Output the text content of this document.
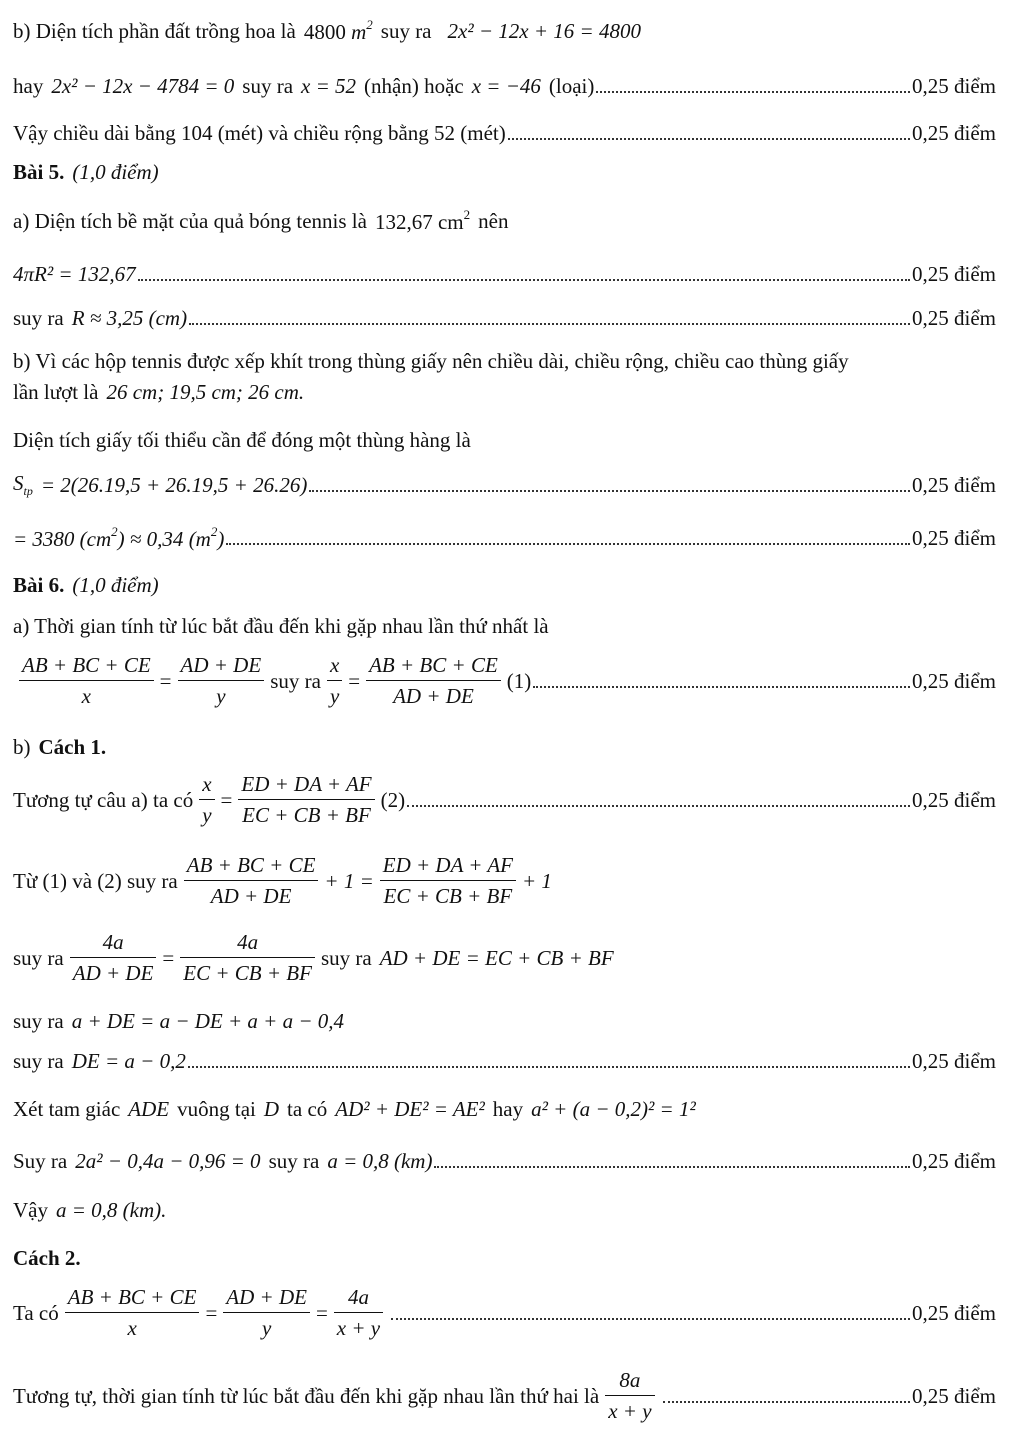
b) Diện tích phần đất trồng hoa là 4800 $m^2$ suy ra 2x² − 12x + 16 = 4800
hay 2x² − 12x − 4784 = 0 suy ra x = 52 (nhận) hoặc x = −46 (loại)	0,25 điểm
Vậy chiều dài bằng 104 (mét) và chiều rộng bằng 52 (mét)	0,25 điểm
Bài 5. (1,0 điểm)
a) Diện tích bề mặt của quả bóng tennis là 132,67 $cm^2$ nên
4πR² = 132,67	0,25 điểm
suy ra R ≈ 3,25 (cm)	0,25 điểm
b) Vì các hộp tennis được xếp khít trong thùng giấy nên chiều dài, chiều rộng, chiều cao thùng giấy
lần lượt là 26 cm; 19,5 cm; 26 cm.
Diện tích giấy tối thiểu cần để đóng một thùng hàng là
$S_{tp} = 2(26.19,5 + 26.19,5 + 26.26)$	0,25 điểm
= 3380 $(cm^2) \approx 0,34$ $(m^2)$	0,25 điểm
Bài 6. (1,0 điểm)
a) Thời gian tính từ lúc bắt đầu đến khi gặp nhau lần thứ nhất là
$\frac{AB + BC + CE}{x} = \frac{AD + DE}{y}$ suy ra $\frac{x}{y} = \frac{AB + BC + CE}{AD + DE} (1)$	0,25 điểm
b) Cách 1.
Tương tự câu a) ta có $\frac{x}{y} = \frac{ED + DA + AF}{EC + CB + BF} (2)$	0,25 điểm
Từ (1) và (2) suy ra $\frac{AB + BC + CE}{AD + DE} + 1 = \frac{ED + DA + AF}{EC + CB + BF} + 1$
suy ra $\frac{4a}{AD + DE} = \frac{4a}{EC + CB + BF}$ suy ra AD + DE = EC + CB + BF
suy ra a + DE = a − DE + a + a − 0,4
suy ra DE = a − 0,2	0,25 điểm
Xét tam giác ADE vuông tại D ta có AD² + DE² = AE² hay a² + (a − 0,2)² = 1²
Suy ra 2a² − 0,4a − 0,96 = 0 suy ra a = 0,8 (km)	0,25 điểm
Vậy a = 0,8 (km).
Cách 2.
Ta có $\frac{AB + BC + CE}{x} = \frac{AD + DE}{y} = \frac{4a}{x + y}$	0,25 điểm
Tương tự, thời gian tính từ lúc bắt đầu đến khi gặp nhau lần thứ hai là $\frac{8a}{x + y}$	0,25 điểm
